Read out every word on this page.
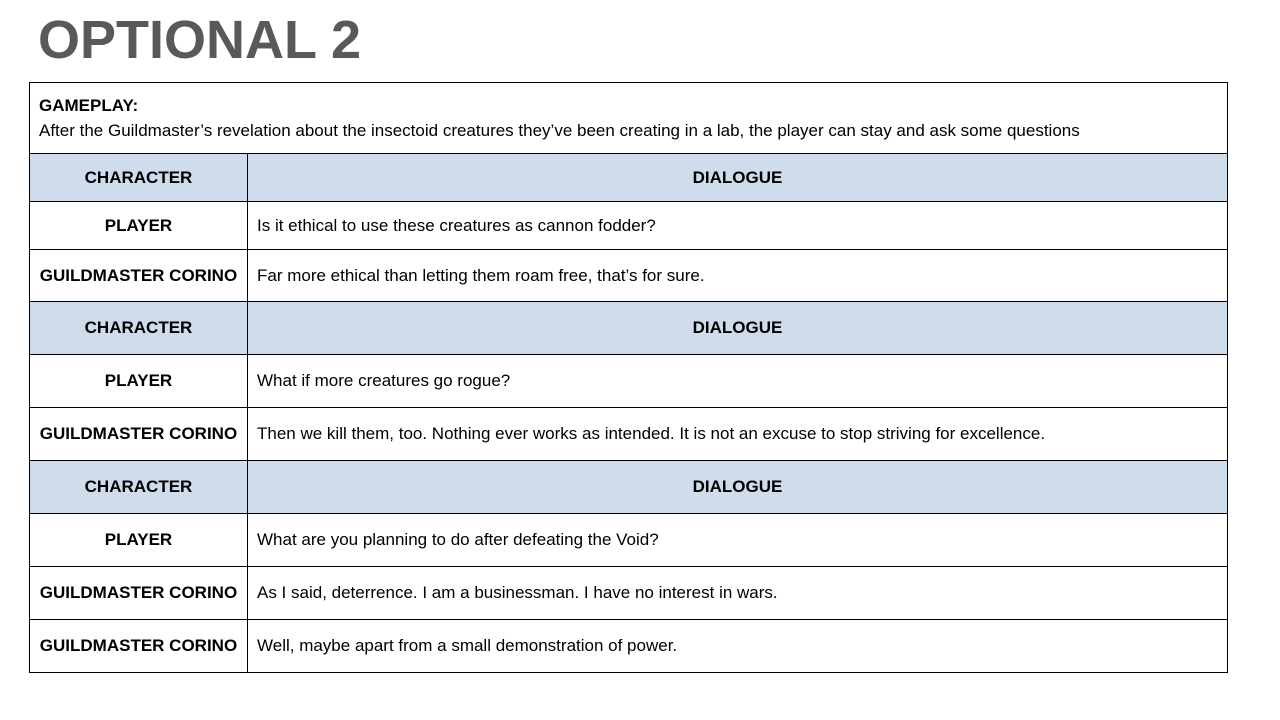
OPTIONAL 2
GAMEPLAY:
After the Guildmaster’s revelation about the insectoid creatures they’ve been creating in a lab, the player can stay and ask some questions	

CHARACTER	DIALOGUE
PLAYER	Is it ethical to use these creatures as cannon fodder?
GUILDMASTER CORINO	Far more ethical than letting them roam free, that’s for sure.
CHARACTER	DIALOGUE
PLAYER	What if more creatures go rogue?
GUILDMASTER CORINO	Then we kill them, too. Nothing ever works as intended. It is not an excuse to stop striving for excellence.
CHARACTER	DIALOGUE
PLAYER	What are you planning to do after defeating the Void?
GUILDMASTER CORINO	As I said, deterrence. I am a businessman. I have no interest in wars.
GUILDMASTER CORINO	Well, maybe apart from a small demonstration of power.
